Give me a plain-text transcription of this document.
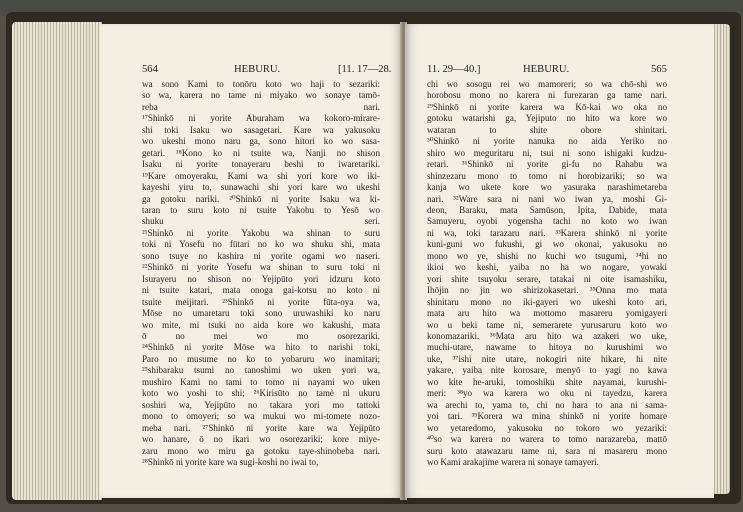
564	HEBURU.	[11. 17—28.
wa sono Kami to tonōru koto wo haji to sezariki:
so wa, karera no tame ni miyako wo sonaye tamō-
reba nari.
¹⁷Shinkō ni yorite Aburaham wa kokoro-mirare-
shi toki Isaku wo sasagetari. Kare wa yakusoku
wo ukeshi mono naru ga, sono hitori ko wo sasa-
getari. ¹⁸Kono ko ni tsuite wa, Nanji no shison
Isaku ni yorite tonayeraru beshi to iwaretariki.
¹⁹Kare omoyeraku, Kami wa shi yori kore wo iki-
kayeshi yiru to, sunawachi shi yori kare wo ukeshi
ga gotoku nariki. ²⁰Shinkō ni yorite Isaku wa ki-
taran to suru koto ni tsuite Yakobu to Yesō wo
shuku seri.
²¹Shinkō ni yorite Yakobu wa shinan to suru
toki ni Yosefu no fūtari no ko wo shuku shi, mata
sono tsuye no kashira ni yorite ogami wo naseri.
²²Shinkō ni yorite Yosefu wa shinan to suru toki ni
Isurayeru no shison no Yejipūto yori idzuru koto
ni tsuite katari, mata onoga gai-kotsu no koto ni
tsuite meijitari. ²³Shinkō ni yorite fūta-oya wa,
Mōse no umaretaru toki sono uruwashiki ko naru
wo mite, mi tsuki no aida kore wo kakushi, mata
ō no mei wo mo osorezariki.
²⁴Shinkō ni yorite Mōse wa hito to narishi toki,
Paro no musume no ko to yobaruru wo inamitari;
²⁵shibaraku tsumi no tanoshimi wo uken yori wa,
mushiro Kami no tami to tomo ni nayami wo uken
koto wo yoshi to shi; ²⁶Kirisūto no tamè ni ukuru
soshiri wa, Yejipūto no takara yori mo tattoki
mono to omoyeri; so wa mukui wo mi-tomete nozo-
meba nari. ²⁷Shinkō ni yorite kare wa Yejipūto
wo hanare, ō no ikari wo osorezariki; kore miye-
zaru mono wo miru ga gotoku taye-shinobeba nari.
²⁸Shinkō ni yorite kare wa sugi-koshi no iwai to,
11. 29—40.]	HEBURU.	565
chi wo sosogu rei wo mamoreri; so wa chō-shi wo
horobosu mono no karera ni furezaran ga tame nari.
²⁹Shinkō ni yorite karera wa Kō-kai wo oka no
gotoku watarishi ga, Yejiputo no hito wa kore wo
wataran to shite obore shinitari.
³⁰Shinkō ni yorite nanuka no aida Yeriko no
shiro wo meguritaru ni, tsui ni sono ishigaki kudzu-
retari. ³¹Shinkō ni yorite gi-fu no Rahabu wa
shinzezaru mono to tomo ni horobizariki; so wa
kanja wo ukete kore wo yasuraka narashimetareba
nari. ³²Ware sara ni nani wo iwan ya, moshi Gi-
deon, Baraku, mata Samūson, Ipita, Dabide, mata
Samuyeru, oyobi yogensha tachi no koto wo iwan
ni wa, toki tarazaru nari. ³³Karera shinkō ni yorite
kuni-guni wo fukushi, gi wo okonai, yakusoku no
mono wo ye, shishi no kuchi wo tsugumi, ³⁴hi no
ikioi wo keshi, yaiba no ha wo nogare, yowaki
yori shite tsuyoku serare, tatakai ni oite isamashiku,
Ihōjin no jin wo shirizokasetari. ³⁵Onna mo mata
shinitaru mono no iki-gayeri wo ukeshi koto ari,
mata aru hito wa mottomo masareru yomigayeri
wo u beki tame ni, semerarete yurusaruru koto wo
konomazariki. ³⁶Mata aru hito wa azakeri wo uke,
muchi-utare, nawame to hitoya no kurushimi wo
uke, ³⁷ishi nite utare, nokogiri nite hikare, hi nite
yakare, yaiba nite korosare, menyō to yagi no kawa
wo kite he-aruki, tomoshiku shite nayamai, kurushi-
meri: ³⁸yo wa karera wo oku ni tayedzu, karera
wa arechi to, yama to, chi no hara to ana ni sama-
yoi tari. ³⁹Korera wa mina shinkō ni yorite homare
wo yetaredomo, yakusoku no tokoro wo yezariki:
⁴⁰so wa karera no warera to tomo narazareba, mattō
suru koto atawazaru tame ni, sara ni masareru mono
wo Kami arakajime warera ni sonaye tamayeri.
